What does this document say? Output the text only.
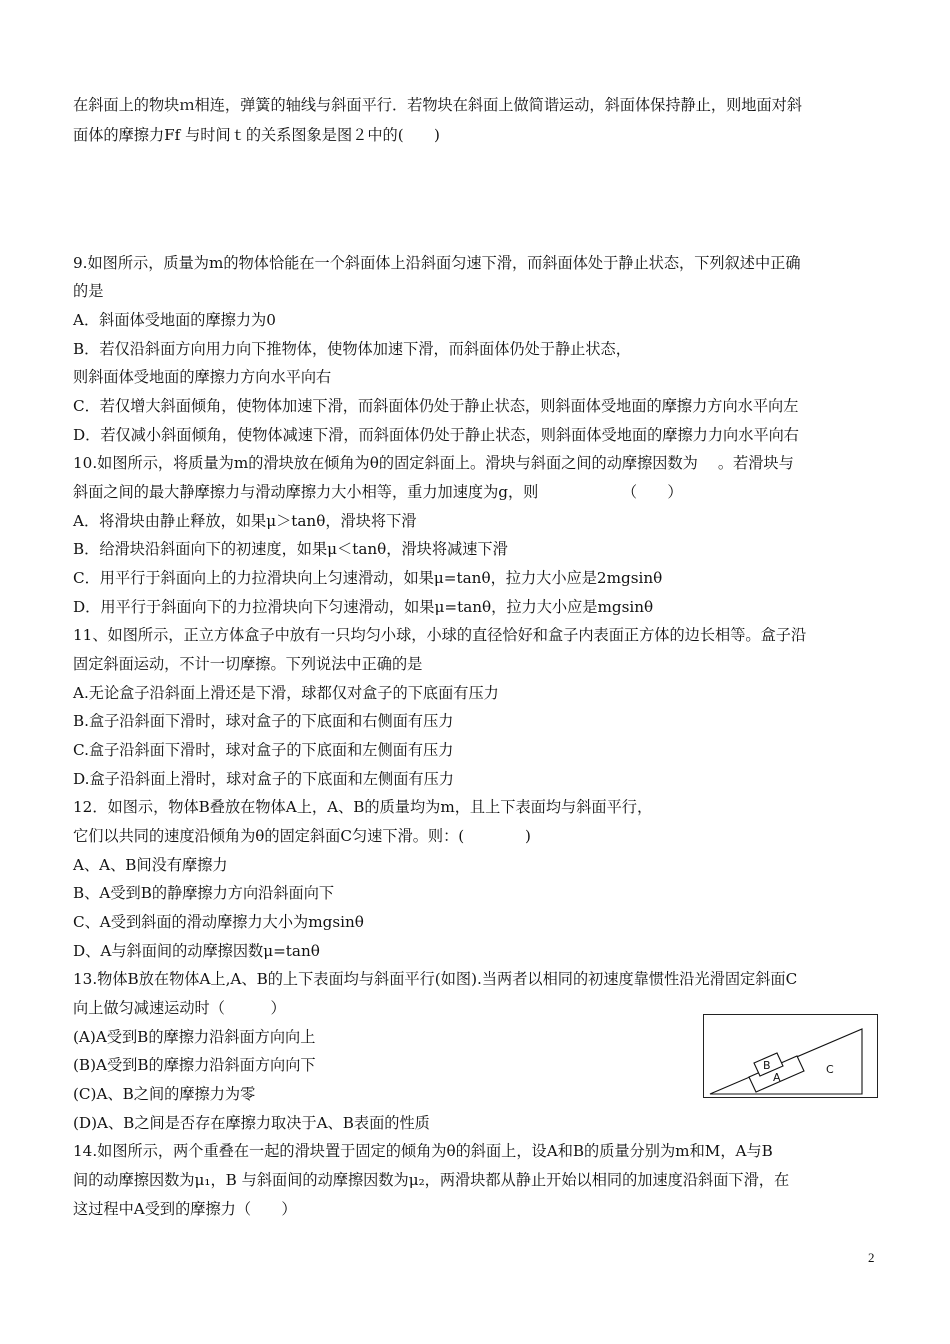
在斜面上的物块ｍ相连，弹簧的轴线与斜面平行．若物块在斜面上做简谐运动，斜面体保持静止，则地面对斜
面体的摩擦力Ff 与时间ｔ的关系图象是图２中的(　　)
9.如图所示，质量为m的物体恰能在一个斜面体上沿斜面匀速下滑，而斜面体处于静止状态，下列叙述中正确
的是
A．斜面体受地面的摩擦力为0
B．若仅沿斜面方向用力向下推物体，使物体加速下滑，而斜面体仍处于静止状态，
则斜面体受地面的摩擦力方向水平向右
C．若仅增大斜面倾角，使物体加速下滑，而斜面体仍处于静止状态，则斜面体受地面的摩擦力方向水平向左
D．若仅减小斜面倾角，使物体减速下滑，而斜面体仍处于静止状态，则斜面体受地面的摩擦力力向水平向右
10.如图所示，将质量为m的滑块放在倾角为θ的固定斜面上。滑块与斜面之间的动摩擦因数为　 。若滑块与
斜面之间的最大静摩擦力与滑动摩擦力大小相等，重力加速度为g，则　　　　　　（　　）
A．将滑块由静止释放，如果μ＞tanθ，滑块将下滑
B．给滑块沿斜面向下的初速度，如果μ＜tanθ，滑块将减速下滑
C．用平行于斜面向上的力拉滑块向上匀速滑动，如果μ=tanθ，拉力大小应是2mgsinθ
D．用平行于斜面向下的力拉滑块向下匀速滑动，如果μ=tanθ，拉力大小应是mgsinθ
11、如图所示，正立方体盒子中放有一只均匀小球，小球的直径恰好和盒子内表面正方体的边长相等。盒子沿
固定斜面运动，不计一切摩擦。下列说法中正确的是
A.无论盒子沿斜面上滑还是下滑，球都仅对盒子的下底面有压力
B.盒子沿斜面下滑时，球对盒子的下底面和右侧面有压力
C.盒子沿斜面下滑时，球对盒子的下底面和左侧面有压力
D.盒子沿斜面上滑时，球对盒子的下底面和左侧面有压力
12．如图示，物体B叠放在物体A上，A、B的质量均为m，且上下表面均与斜面平行，
它们以共同的速度沿倾角为θ的固定斜面C匀速下滑。则：(　　　　)
A、A、B间没有摩擦力
B、A受到B的静摩擦力方向沿斜面向下
C、A受到斜面的滑动摩擦力大小为mgsinθ
D、A与斜面间的动摩擦因数μ=tanθ
13.物体B放在物体A上,A、B的上下表面均与斜面平行(如图).当两者以相同的初速度靠惯性沿光滑固定斜面C
向上做匀减速运动时（　　　）
(A)A受到B的摩擦力沿斜面方向向上
(B)A受到B的摩擦力沿斜面方向向下
(C)A、B之间的摩擦力为零
(D)A、B之间是否存在摩擦力取决于A、B表面的性质
14.如图所示，两个重叠在一起的滑块置于固定的倾角为θ的斜面上，设A和B的质量分别为m和M，A与B
间的动摩擦因数为μ₁，B 与斜面间的动摩擦因数为μ₂，两滑块都从静止开始以相同的加速度沿斜面下滑，在
这过程中A受到的摩擦力（　　）
B
A
C
2
